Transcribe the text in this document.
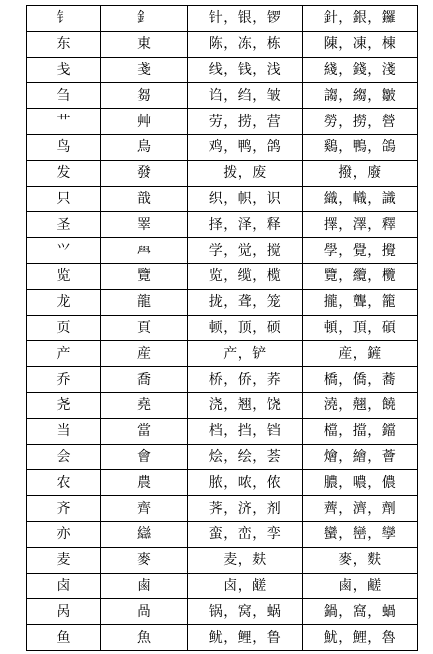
钅	釒	针，银，锣	針，銀，鑼
东	東	陈，冻，栋	陳，凍，棟
戋	戔	线，钱，浅	綫，錢，淺
刍	芻	诌，绉，皱	謅，縐，皺
艹	艸	劳，捞，营	勞，撈，營
鸟	鳥	鸡，鸭，鸽	鷄，鴨，鴿
发	發	拨，废	撥，廢
只	戠	织，帜，识	織，幟，識
圣	睪	择，泽，释	擇，澤，釋
⺍	𦥯	学，觉，搅	學，覺，攪
览	覽	览，缆，榄	覽，纜，欖
龙	龍	拢，聋，笼	攏，聾，籠
页	頁	顿，顶，硕	頓，頂，碩
产	産	产，铲	産，鏟
乔	喬	桥，侨，荞	橋，僑，蕎
尧	堯	浇，翘，饶	澆，翹，饒
当	當	档，挡，铛	檔，擋，鐺
会	會	烩，绘，荟	燴，繪，薈
农	農	脓，哝，侬	膿，噥，儂
齐	齊	荠，济，剂	薺，濟，劑
亦	䜌	蛮，峦，孪	蠻，巒，孿
麦	麥	麦，麸	麥，麩
卤	鹵	卤，鹾	鹵，鹺
呙	咼	锅，窝，蜗	鍋，窩，蝸
鱼	魚	鱿，鲤，鲁	魷，鯉，魯
